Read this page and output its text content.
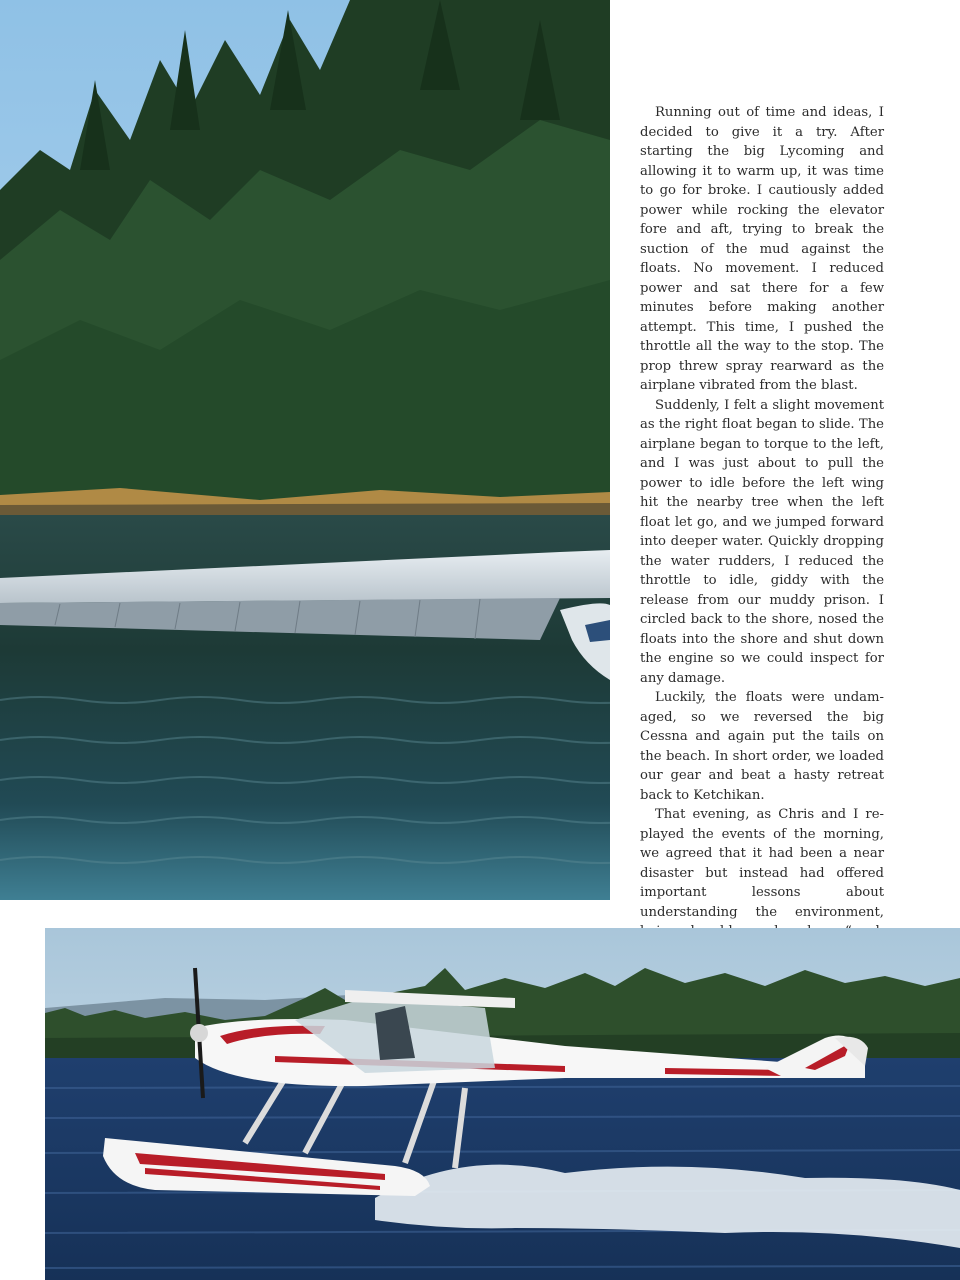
Running out of time and ideas, I decided to give it a try. After starting the big Lycoming and allowing it to warm up, it was time to go for broke. I cautiously added power while rocking the elevator fore and aft, trying to break the suction of the mud against the floats. No movement. I reduced power and sat there for a few minutes before making another attempt. This time, I pushed the throttle all the way to the stop. The prop threw spray rearward as the airplane vibrated from the blast.

Suddenly, I felt a slight movement as the right float began to slide. The airplane began to torque to the left, and I was just about to pull the power to idle before the left wing hit the nearby tree when the left float let go, and we jumped forward into deeper water. Quickly dropping the water rudders, I reduced the throttle to idle, giddy with the release from our muddy prison. I circled back to the shore, nosed the floats into the shore and shut down the engine so we could inspect for any damage.

Luckily, the floats were undamaged, so we reversed the big Cessna and again put the tails on the beach. In short order, we loaded our gear and beat a hasty retreat back to Ketchikan.

That evening, as Chris and I replayed the events of the morning, we agreed that it had been a near disaster but instead had offered important lessons about understanding the environment,
